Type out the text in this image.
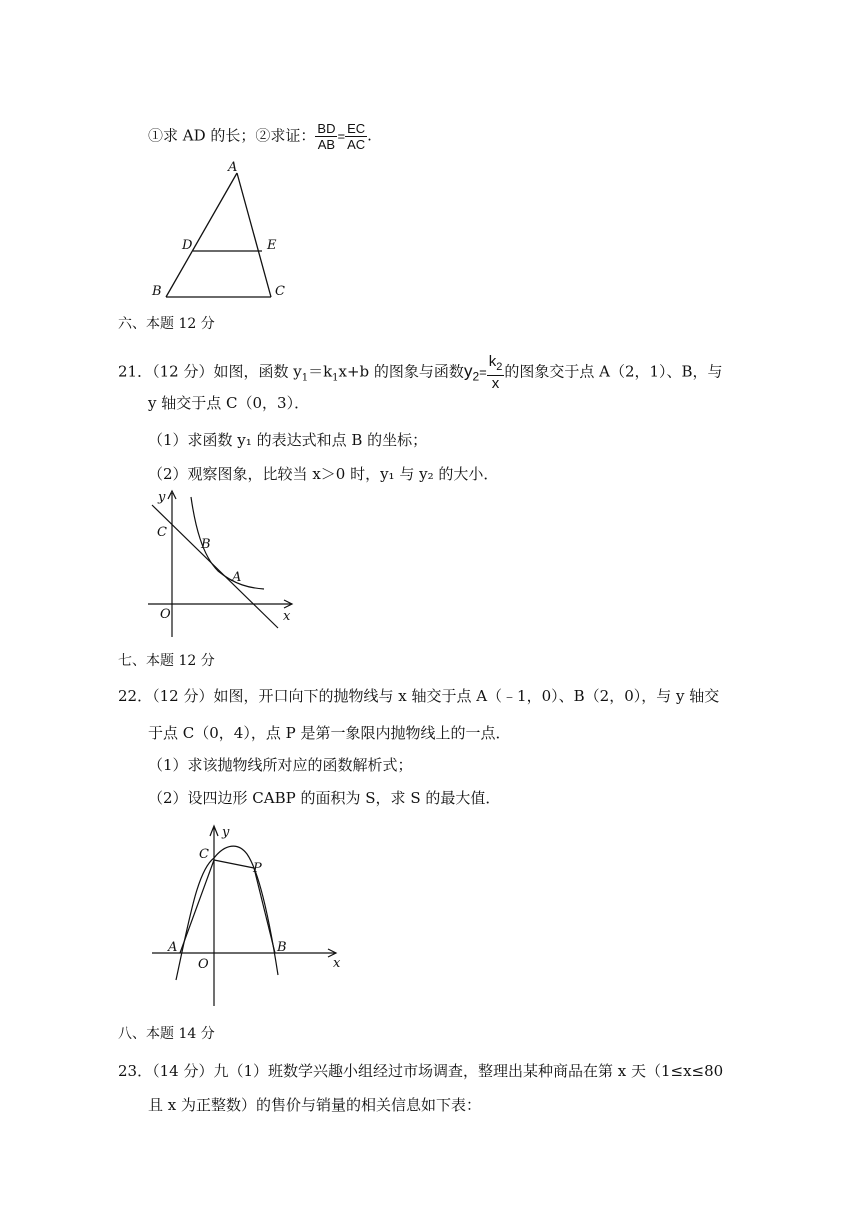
①求 AD 的长；②求证： $\frac{BD}{AB} = \frac{EC}{AC}$ .
A
B	C
D	E
六、本题 12 分
21．（12 分）如图，函数 $y_1=k_1x+b$ 的图象与函数$y_2= \frac{k_2}{x}$ 的图象交于点 A（2，1）、B，与
y 轴交于点 C（0，3）．
（1）求函数 y₁ 的表达式和点 B 的坐标；
（2）观察图象，比较当 x＞0 时，y₁ 与 y₂ 的大小．
y
x
O
C
B
A
七、本题 12 分
22．（12 分）如图，开口向下的抛物线与 x 轴交于点 A（﹣1，0）、B（2，0），与 y 轴交
于点 C（0，4），点 P 是第一象限内抛物线上的一点．
（1）求该抛物线所对应的函数解析式；
（2）设四边形 CABP 的面积为 S，求 S 的最大值．
y
x
O
C
P
A	B
八、本题 14 分
23．（14 分）九（1）班数学兴趣小组经过市场调查，整理出某种商品在第 x 天（1≤x≤80
且 x 为正整数）的售价与销量的相关信息如下表：
